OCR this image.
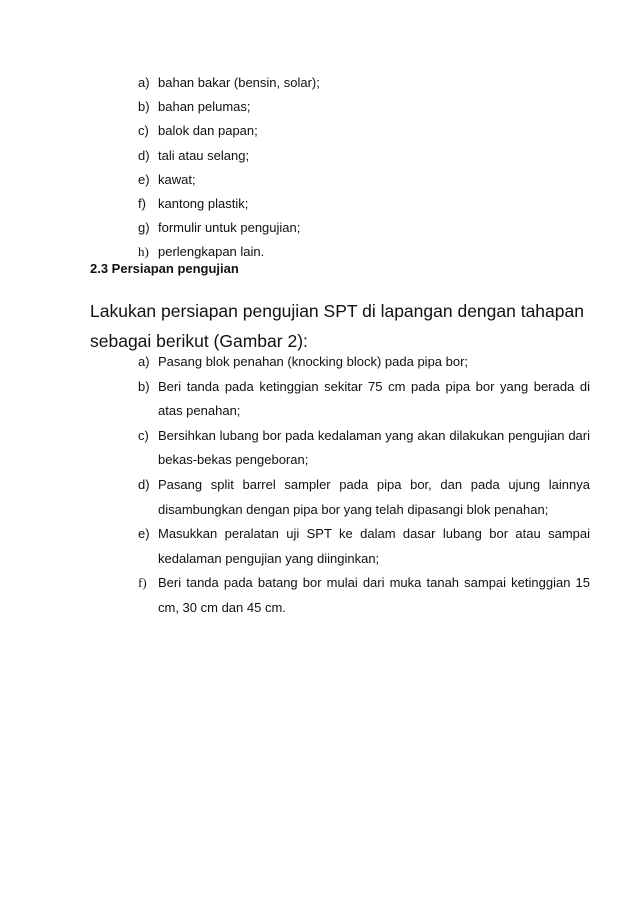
a) bahan bakar (bensin, solar);
b) bahan pelumas;
c) balok dan papan;
d) tali atau selang;
e) kawat;
f) kantong plastik;
g) formulir untuk pengujian;
h) perlengkapan lain.
2.3 Persiapan pengujian

Lakukan persiapan pengujian SPT di lapangan dengan tahapan sebagai berikut (Gambar 2):

a) Pasang blok penahan (knocking block) pada pipa bor;
b) Beri tanda pada ketinggian sekitar 75 cm pada pipa bor yang berada di atas penahan;
c) Bersihkan lubang bor pada kedalaman yang akan dilakukan pengujian dari bekas-bekas pengeboran;
d) Pasang split barrel sampler pada pipa bor, dan pada ujung lainnya disambungkan dengan pipa bor yang telah dipasangi blok penahan;
e) Masukkan peralatan uji SPT ke dalam dasar lubang bor atau sampai kedalaman pengujian yang diinginkan;
f) Beri tanda pada batang bor mulai dari muka tanah sampai ketinggian 15 cm, 30 cm dan 45 cm.
